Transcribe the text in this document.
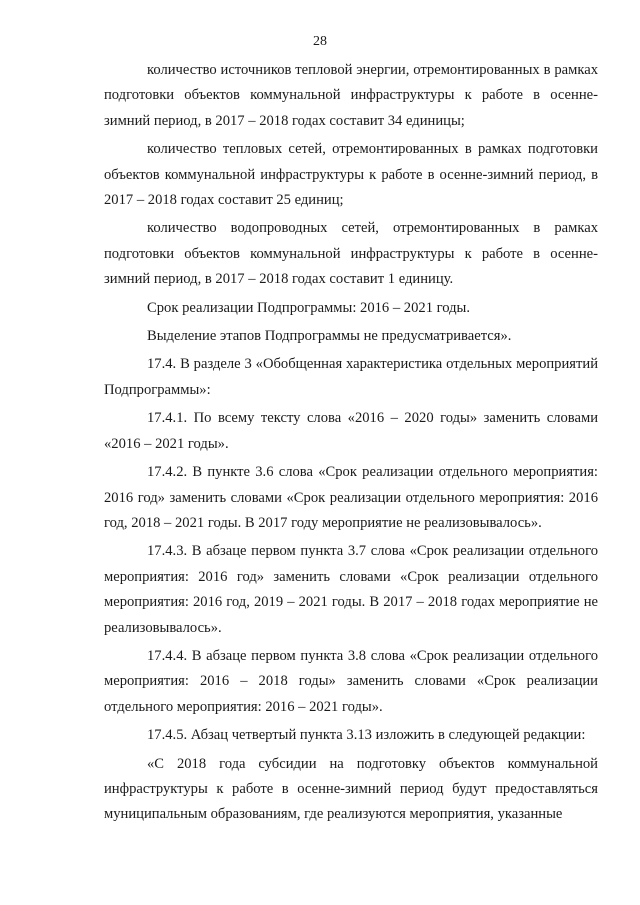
28

количество источников тепловой энергии, отремонтированных в рамках подготовки объектов коммунальной инфраструктуры к работе в осенне-зимний период, в 2017 – 2018 годах составит 34 единицы;

количество тепловых сетей, отремонтированных в рамках подготовки объектов коммунальной инфраструктуры к работе в осенне-зимний период, в 2017 – 2018 годах составит 25 единиц;

количество водопроводных сетей, отремонтированных в рамках подготовки объектов коммунальной инфраструктуры к работе в осенне-зимний период, в 2017 – 2018 годах составит 1 единицу.

Срок реализации Подпрограммы: 2016 – 2021 годы.

Выделение этапов Подпрограммы не предусматривается».

17.4. В разделе 3 «Обобщенная характеристика отдельных мероприятий Подпрограммы»:

17.4.1. По всему тексту слова «2016 – 2020 годы» заменить словами «2016 – 2021 годы».

17.4.2. В пункте 3.6 слова «Срок реализации отдельного мероприятия: 2016 год» заменить словами «Срок реализации отдельного мероприятия: 2016 год, 2018 – 2021 годы. В 2017 году мероприятие не реализовывалось».

17.4.3. В абзаце первом пункта 3.7 слова «Срок реализации отдельного мероприятия: 2016 год» заменить словами «Срок реализации отдельного мероприятия: 2016 год, 2019 – 2021 годы. В 2017 – 2018 годах мероприятие не реализовывалось».

17.4.4. В абзаце первом пункта 3.8 слова «Срок реализации отдельного мероприятия: 2016 – 2018 годы» заменить словами «Срок реализации отдельного мероприятия: 2016 – 2021 годы».

17.4.5. Абзац четвертый пункта 3.13 изложить в следующей редакции:

«С 2018 года субсидии на подготовку объектов коммунальной инфраструктуры к работе в осенне-зимний период будут предоставляться муниципальным образованиям, где реализуются мероприятия, указанные
